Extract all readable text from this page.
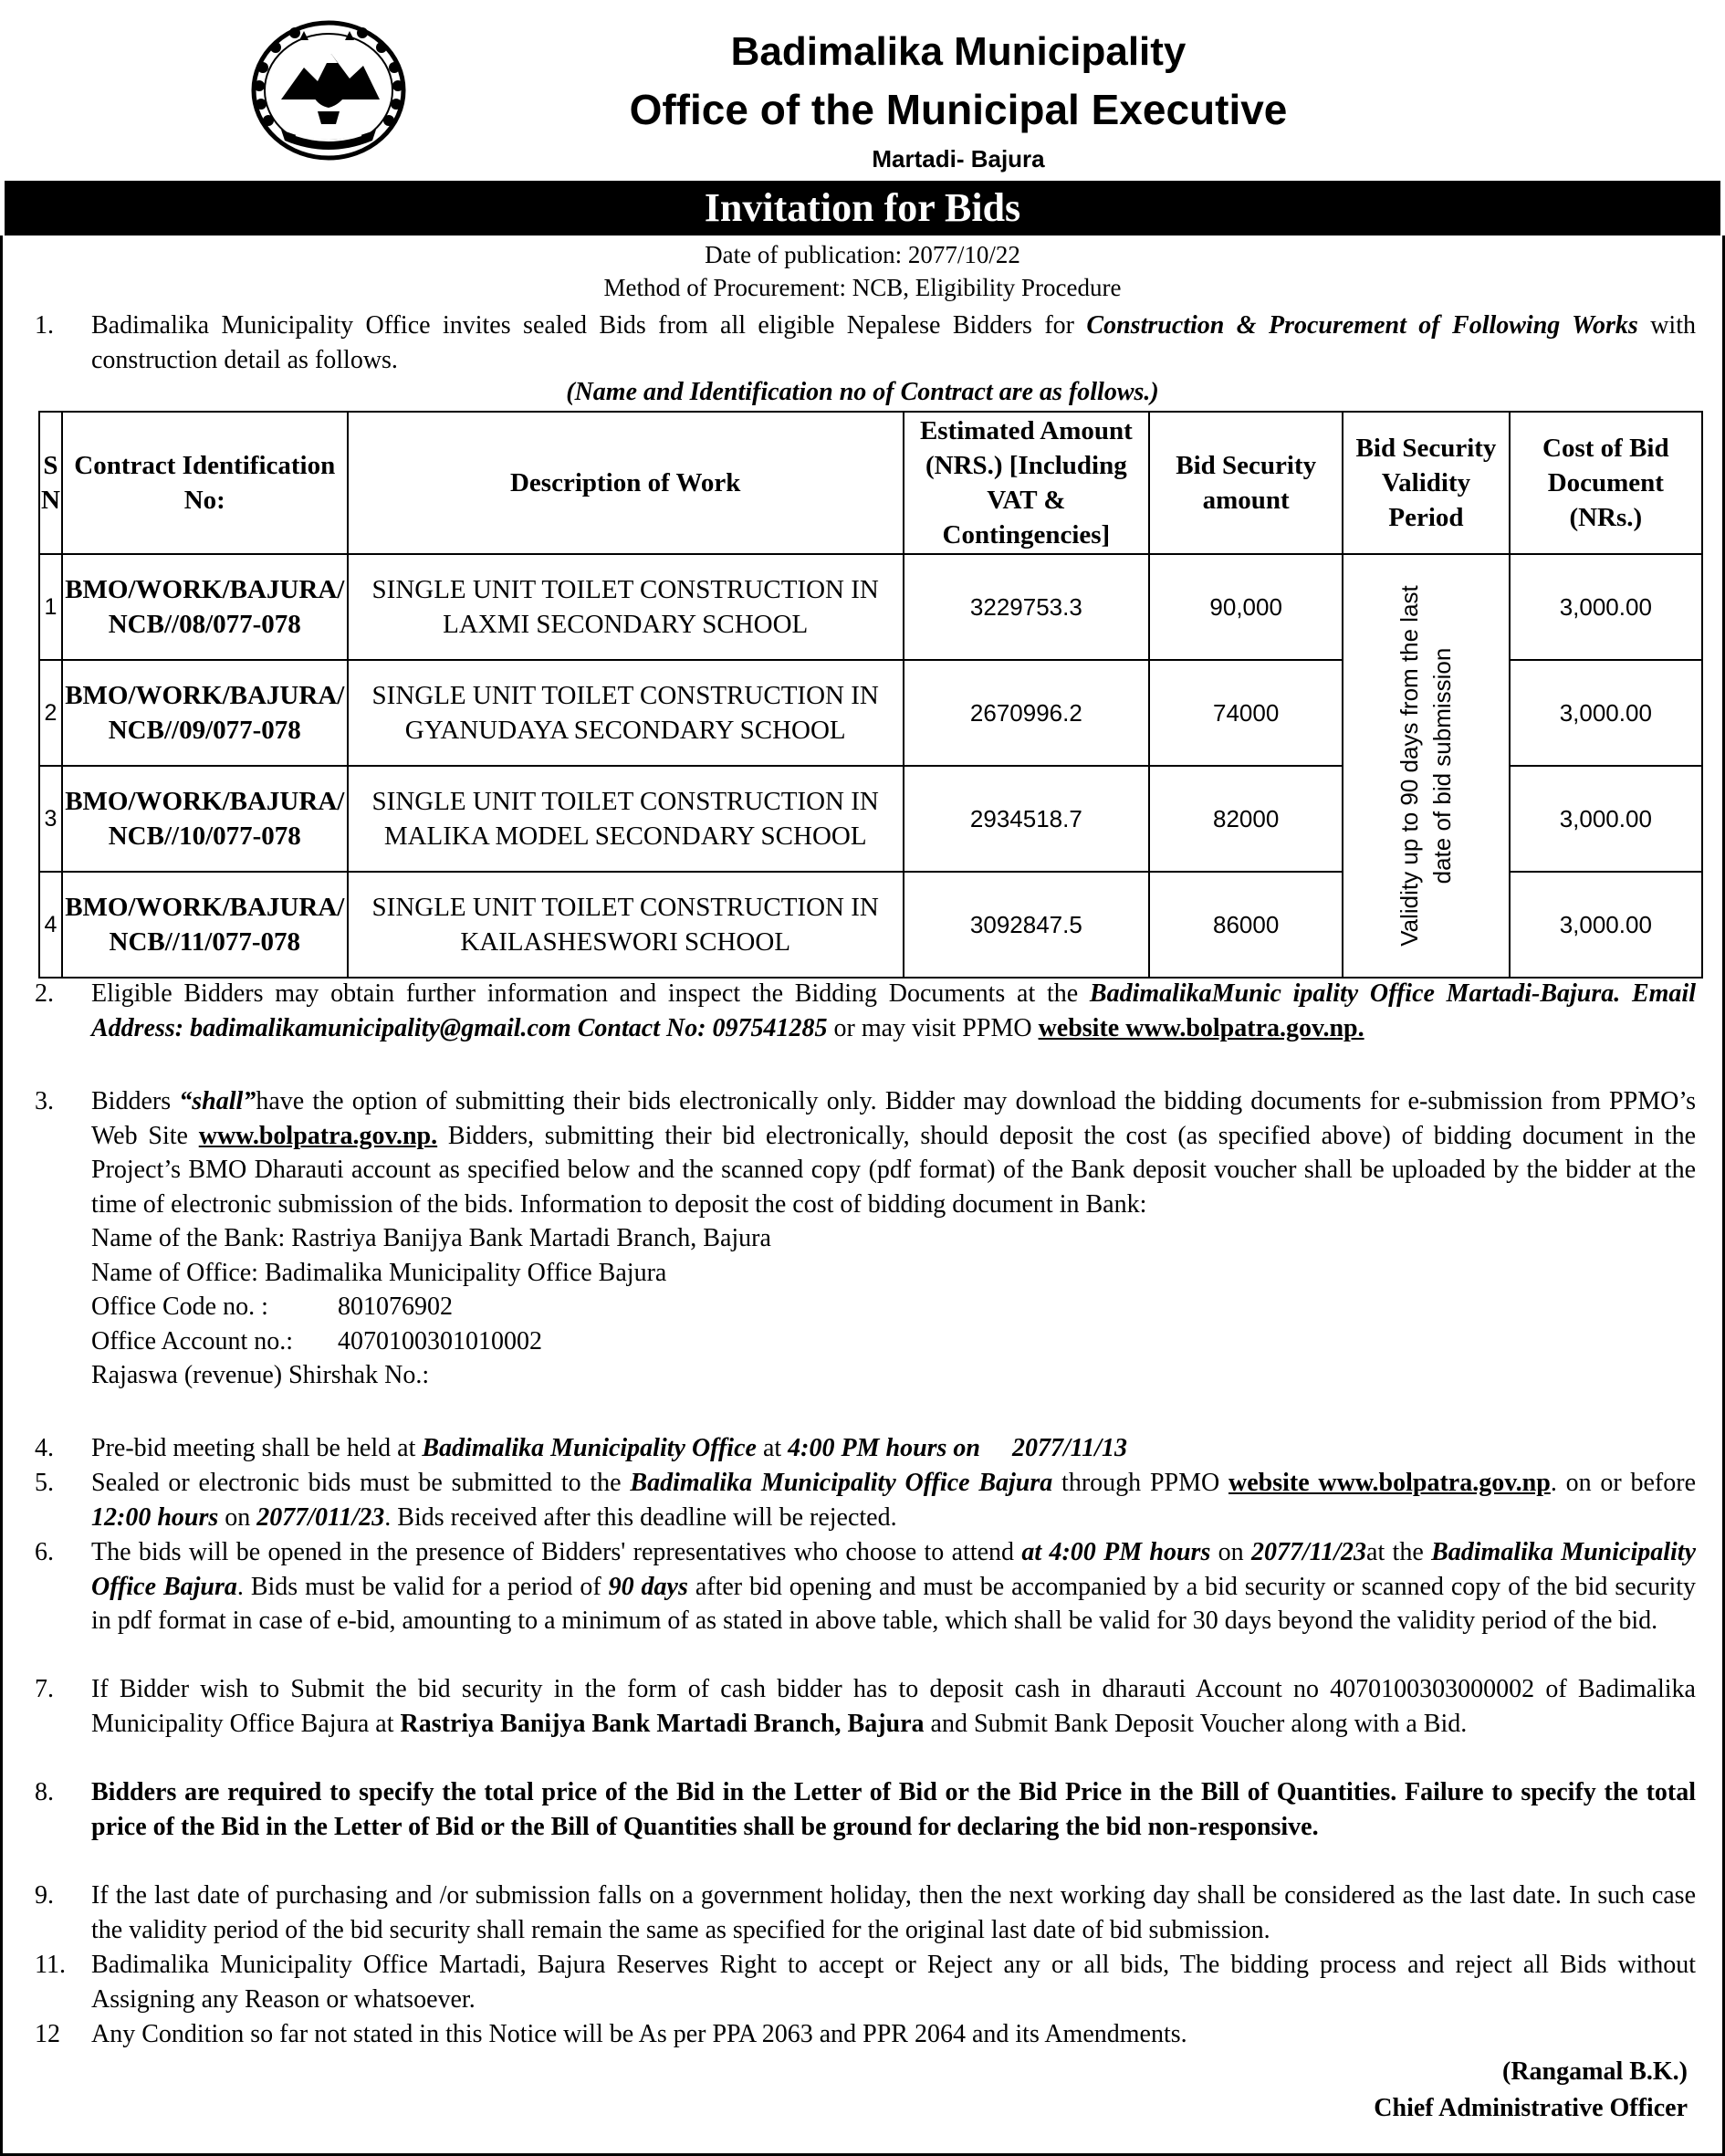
Badimalika Municipality
Office of the Municipal Executive
Martadi- Bajura
Invitation for Bids
Date of publication: 2077/10/22
Method of Procurement: NCB, Eligibility Procedure
1.	Badimalika Municipality Office invites sealed Bids from all eligible Nepalese Bidders for Construction & Procurement of Following Works with construction detail as follows.
(Name and Identification no of Contract are as follows.)
S N	Contract Identification No:	Description of Work	Estimated Amount (NRS.) [Including VAT & Contingencies]	Bid Security amount	Bid Security Validity Period	Cost of Bid Document (NRs.)
1	BMO/WORK/BAJURA/NCB//08/077-078	SINGLE UNIT TOILET CONSTRUCTION IN LAXMI SECONDARY SCHOOL	3229753.3	90,000	Validity up to 90 days from the last date of bid submission	3,000.00
2	BMO/WORK/BAJURA/NCB//09/077-078	SINGLE UNIT TOILET CONSTRUCTION IN GYANUDAYA SECONDARY SCHOOL	2670996.2	74000		3,000.00
3	BMO/WORK/BAJURA/NCB//10/077-078	SINGLE UNIT TOILET CONSTRUCTION IN MALIKA MODEL SECONDARY SCHOOL	2934518.7	82000		3,000.00
4	BMO/WORK/BAJURA/NCB//11/077-078	SINGLE UNIT TOILET CONSTRUCTION IN KAILASHESWORI SCHOOL	3092847.5	86000		3,000.00
2.	Eligible Bidders may obtain further information and inspect the Bidding Documents at the BadimalikaMunic ipality Office Martadi-Bajura. Email Address: badimalikamunicipality@gmail.com Contact No: 097541285 or may visit PPMO website www.bolpatra.gov.np.
3.	Bidders “shall”have the option of submitting their bids electronically only. Bidder may download the bidding documents for e-submission from PPMO’s Web Site www.bolpatra.gov.np. Bidders, submitting their bid electronically, should deposit the cost (as specified above) of bidding document in the Project’s BMO Dharauti account as specified below and the scanned copy (pdf format) of the Bank deposit voucher shall be uploaded by the bidder at the time of electronic submission of the bids. Information to deposit the cost of bidding document in Bank:
Name of the Bank: Rastriya Banijya Bank Martadi Branch, Bajura
Name of Office: Badimalika Municipality Office Bajura
Office Code no. :	801076902
Office Account no.: 4070100301010002
Rajaswa (revenue) Shirshak No.:
4.	Pre-bid meeting shall be held at Badimalika Municipality Office at 4:00 PM hours on     2077/11/13
5.	Sealed or electronic bids must be submitted to the Badimalika Municipality Office Bajura through PPMO website www.bolpatra.gov.np. on or before 12:00 hours on 2077/011/23. Bids received after this deadline will be rejected.
6.	The bids will be opened in the presence of Bidders' representatives who choose to attend at 4:00 PM hours on 2077/11/23at the Badimalika Municipality Office Bajura. Bids must be valid for a period of 90 days after bid opening and must be accompanied by a bid security or scanned copy of the bid security in pdf format in case of e-bid, amounting to a minimum of as stated in above table, which shall be valid for 30 days beyond the validity period of the bid.
7.	If Bidder wish to Submit the bid security in the form of cash bidder has to deposit cash in dharauti Account no 4070100303000002 of Badimalika Municipality Office Bajura at Rastriya Banijya Bank Martadi Branch, Bajura and Submit Bank Deposit Voucher along with a Bid.
8.	Bidders are required to specify the total price of the Bid in the Letter of Bid or the Bid Price in the Bill of Quantities. Failure to specify the total price of the Bid in the Letter of Bid or the Bill of Quantities shall be ground for declaring the bid non-responsive.
9.	If the last date of purchasing and /or submission falls on a government holiday, then the next working day shall be considered as the last date. In such case the validity period of the bid security shall remain the same as specified for the original last date of bid submission.
11.	Badimalika Municipality Office Martadi, Bajura Reserves Right to accept or Reject any or all bids, The bidding process and reject all Bids without Assigning any Reason or whatsoever.
12	Any Condition so far not stated in this Notice will be As per PPA 2063 and PPR 2064 and its Amendments.
(Rangamal B.K.)
Chief Administrative Officer
